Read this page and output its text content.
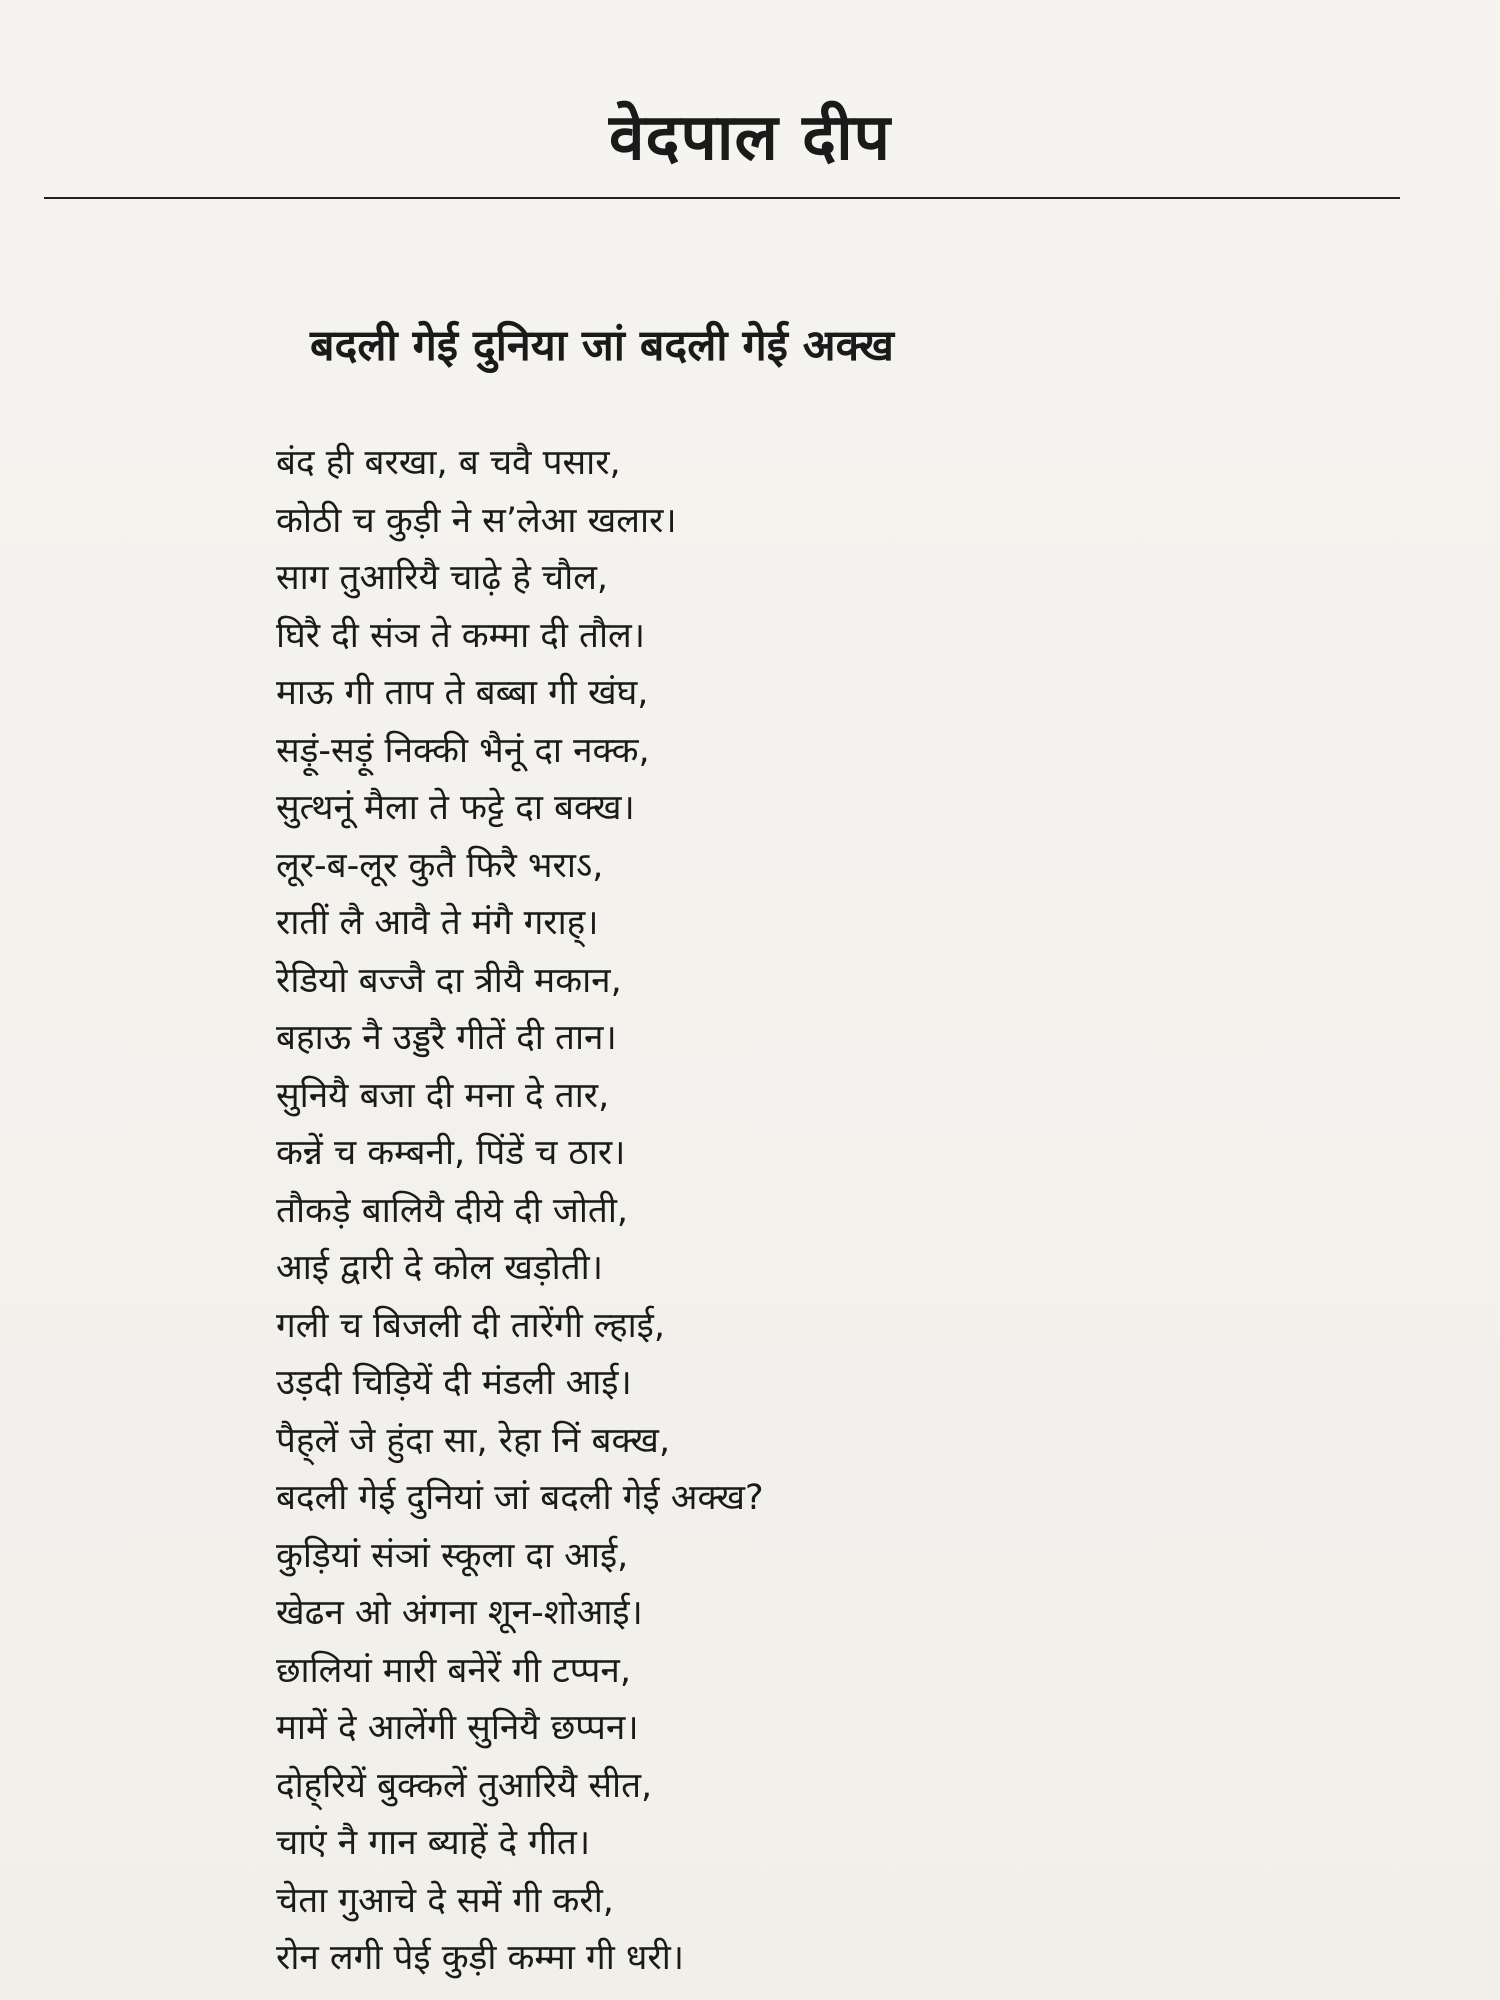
वेदपाल दीप
बदली गेई दुनिया जां बदली गेई अक्ख
बंद ही बरखा, ब चवै पसार,
कोठी च कुड़ी ने स’लेआ खलार।
साग तुआरियै चाढ़े हे चौल,
घिरै दी संञ ते कम्मा दी तौल।
माऊ गी ताप ते बब्बा गी खंघ,
सड़ूं-सड़ूं निक्की भैनूं दा नक्क,
सुत्थनूं मैला ते फट्टे दा बक्ख।
लूर-ब-लूर कुतै फिरै भराऽ,
रातीं लै आवै ते मंगै गराह्।
रेडियो बज्जै दा त्रीयै मकान,
बहाऊ नै उड्डरै गीतें दी तान।
सुनियै बजा दी मना दे तार,
कन्नें च कम्बनी, पिंडें च ठार।
तौकड़े बालियै दीये दी जोती,
आई द्वारी दे कोल खड़ोती।
गली च बिजली दी तारेंगी ल्हाई,
उड़दी चिड़ियें दी मंडली आई।
पैह्‌लें जे हुंदा सा, रेहा निं बक्ख,
बदली गेई दुनियां जां बदली गेई अक्ख?
कुड़ियां संञां स्कूला दा आई,
खेढन ओ अंगना शून-शोआई।
छालियां मारी बनेरें गी टप्पन,
मामें दे आलेंगी सुनियै छप्पन।
दोह्‌रियें बुक्कलें तुआरियै सीत,
चाएं नै गान ब्याहें दे गीत।
चेता गुआचे दे समें गी करी,
रोन लगी पेई कुड़ी कम्मा गी धरी।
